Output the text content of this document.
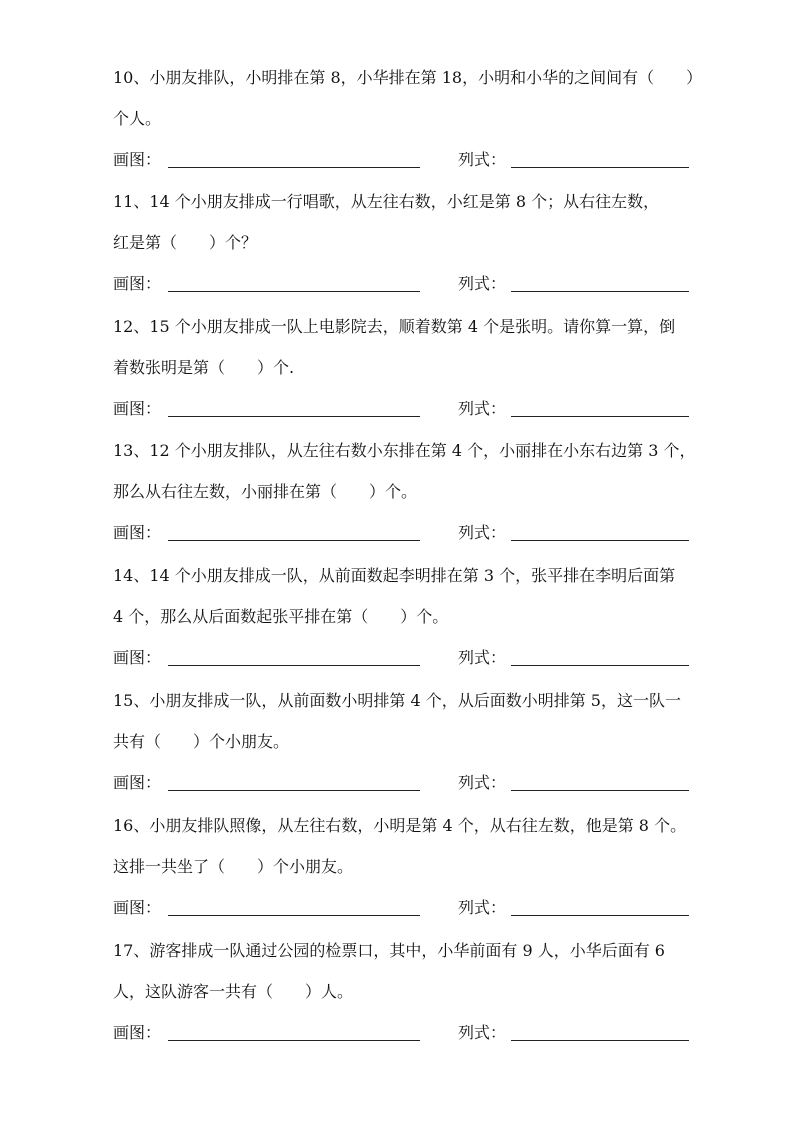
10、小朋友排队，小明排在第 8，小华排在第 18，小明和小华的之间间有（　　）
个人。
画图：	列式：
11、14 个小朋友排成一行唱歌，从左往右数，小红是第 8 个；从右往左数，
红是第（　　）个？
画图：	列式：
12、15 个小朋友排成一队上电影院去，顺着数第 4 个是张明。请你算一算，倒
着数张明是第（　　）个.
画图：	列式：
13、12 个小朋友排队，从左往右数小东排在第 4 个，小丽排在小东右边第 3 个，
那么从右往左数，小丽排在第（　　）个。
画图：	列式：
14、14 个小朋友排成一队，从前面数起李明排在第 3 个，张平排在李明后面第
4 个，那么从后面数起张平排在第（　　）个。
画图：	列式：
15、小朋友排成一队，从前面数小明排第 4 个，从后面数小明排第 5，这一队一
共有（　　）个小朋友。
画图：	列式：
16、小朋友排队照像，从左往右数，小明是第 4 个，从右往左数，他是第 8 个。
这排一共坐了（　　）个小朋友。
画图：	列式：
17、游客排成一队通过公园的检票口，其中，小华前面有 9 人，小华后面有 6
人，这队游客一共有（　　）人。
画图：	列式：
